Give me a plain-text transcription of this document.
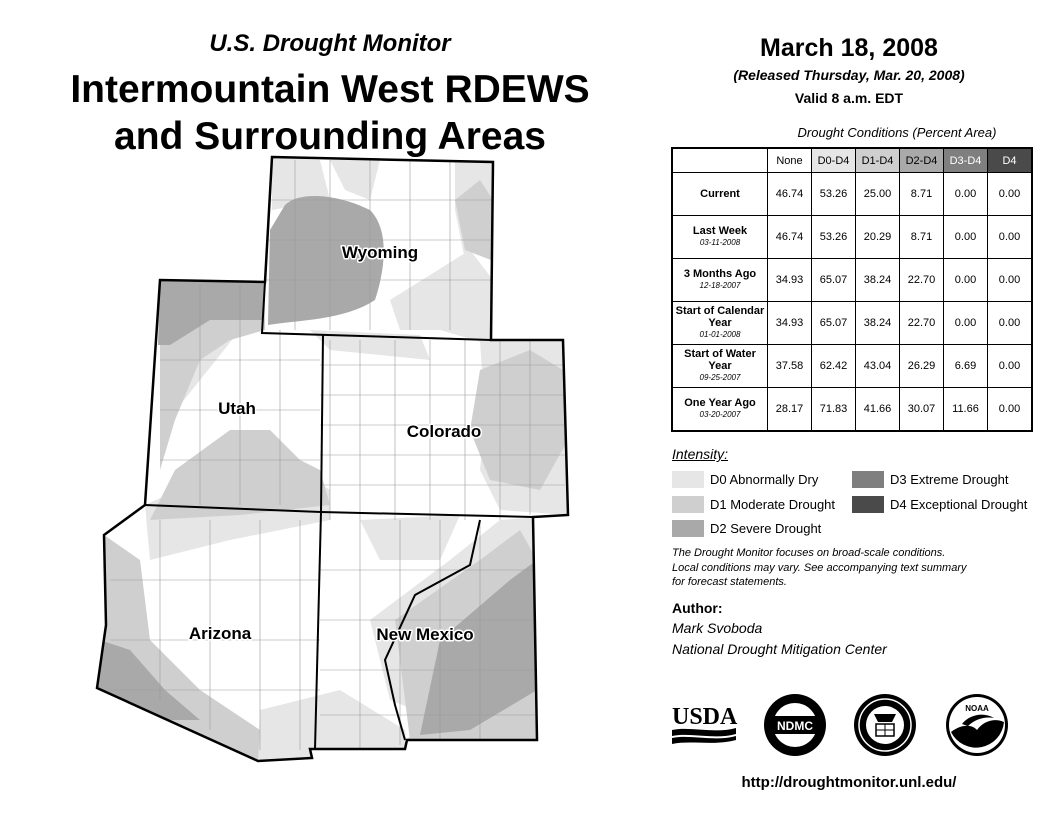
U.S. Drought Monitor
Intermountain West RDEWS
and Surrounding Areas
Wyoming
Utah
Colorado
Arizona	New Mexico
March 18, 2008
(Released Thursday, Mar. 20, 2008)
Valid 8 a.m. EDT
Drought Conditions (Percent Area)
	None	D0-D4	D1-D4	D2-D4	D3-D4	D4
Current	46.74	53.26	25.00	8.71	0.00	0.00
Last Week
03-11-2008	46.74	53.26	20.29	8.71	0.00	0.00
3 Months Ago
12-18-2007	34.93	65.07	38.24	22.70	0.00	0.00
Start of Calendar Year
01-01-2008	34.93	65.07	38.24	22.70	0.00	0.00
Start of Water Year
09-25-2007	37.58	62.42	43.04	26.29	6.69	0.00
One Year Ago
03-20-2007	28.17	71.83	41.66	30.07	11.66	0.00
Intensity:
D0 Abnormally Dry
D1 Moderate Drought
D2 Severe Drought
D3 Extreme Drought
D4 Exceptional Drought
The Drought Monitor focuses on broad-scale conditions.
Local conditions may vary. See accompanying text summary
for forecast statements.
Author:
Mark Svoboda
National Drought Mitigation Center
USDA	NDMC
NOAA
http://droughtmonitor.unl.edu/
